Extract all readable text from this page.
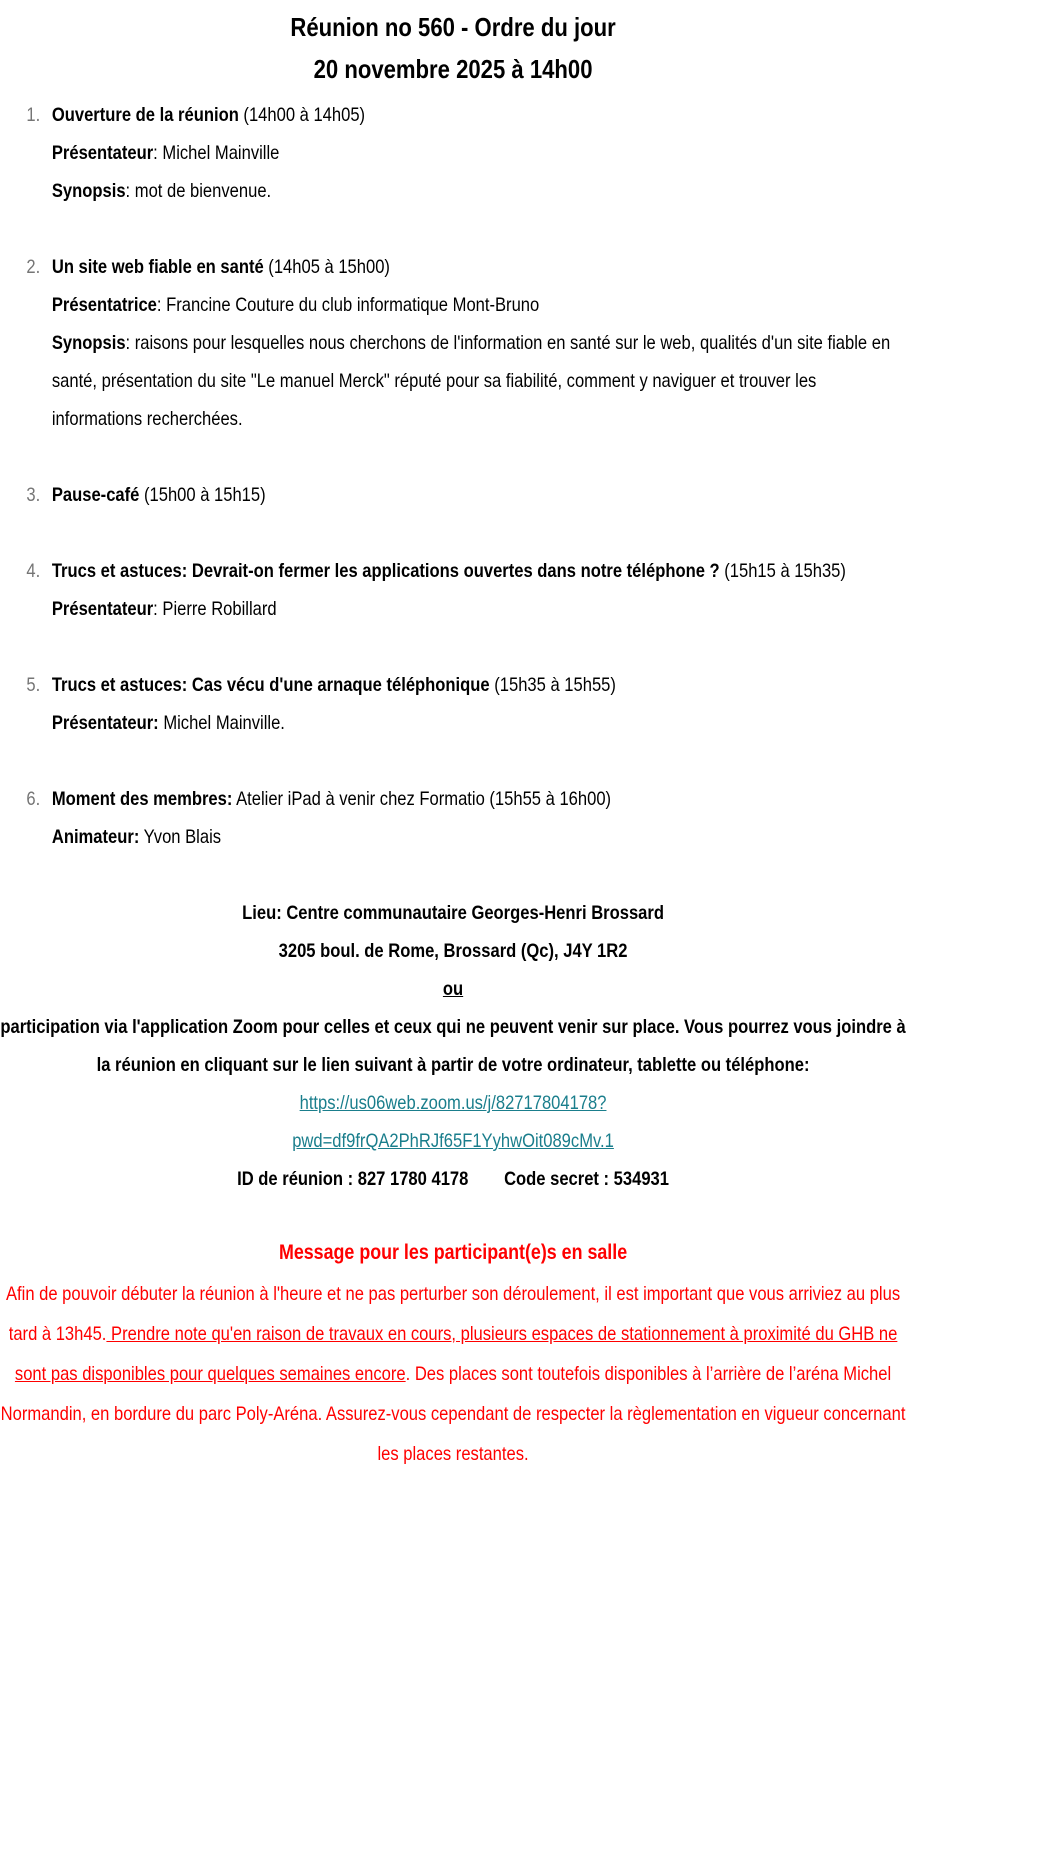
Réunion no 560 - Ordre du jour
20 novembre 2025 à 14h00
1. Ouverture de la réunion (14h00 à 14h05)
Présentateur: Michel Mainville
Synopsis: mot de bienvenue.
2. Un site web fiable en santé (14h05 à 15h00)
Présentatrice: Francine Couture du club informatique Mont-Bruno
Synopsis: raisons pour lesquelles nous cherchons de l'information en santé sur le web, qualités d'un site fiable en santé, présentation du site "Le manuel Merck" réputé pour sa fiabilité, comment y naviguer et trouver les informations recherchées.
3. Pause-café (15h00 à 15h15)
4. Trucs et astuces: Devrait-on fermer les applications ouvertes dans notre téléphone ? (15h15 à 15h35)
Présentateur: Pierre Robillard
5. Trucs et astuces: Cas vécu d'une arnaque téléphonique (15h35 à 15h55)
Présentateur: Michel Mainville.
6. Moment des membres: Atelier iPad à venir chez Formatio (15h55 à 16h00)
Animateur: Yvon Blais
Lieu: Centre communautaire Georges-Henri Brossard
3205 boul. de Rome, Brossard (Qc), J4Y 1R2
ou
participation via l'application Zoom pour celles et ceux qui ne peuvent venir sur place. Vous pourrez vous joindre à la réunion en cliquant sur le lien suivant à partir de votre ordinateur, tablette ou téléphone:
https://us06web.zoom.us/j/82717804178?
pwd=df9frQA2PhRJf65F1YyhwOit089cMv.1
ID de réunion : 827 1780 4178 Code secret : 534931
Message pour les participant(e)s en salle
Afin de pouvoir débuter la réunion à l'heure et ne pas perturber son déroulement, il est important que vous arriviez au plus tard à 13h45. Prendre note qu'en raison de travaux en cours, plusieurs espaces de stationnement à proximité du GHB ne sont pas disponibles pour quelques semaines encore. Des places sont toutefois disponibles à l’arrière de l’aréna Michel Normandin, en bordure du parc Poly-Aréna. Assurez-vous cependant de respecter la règlementation en vigueur concernant les places restantes.
